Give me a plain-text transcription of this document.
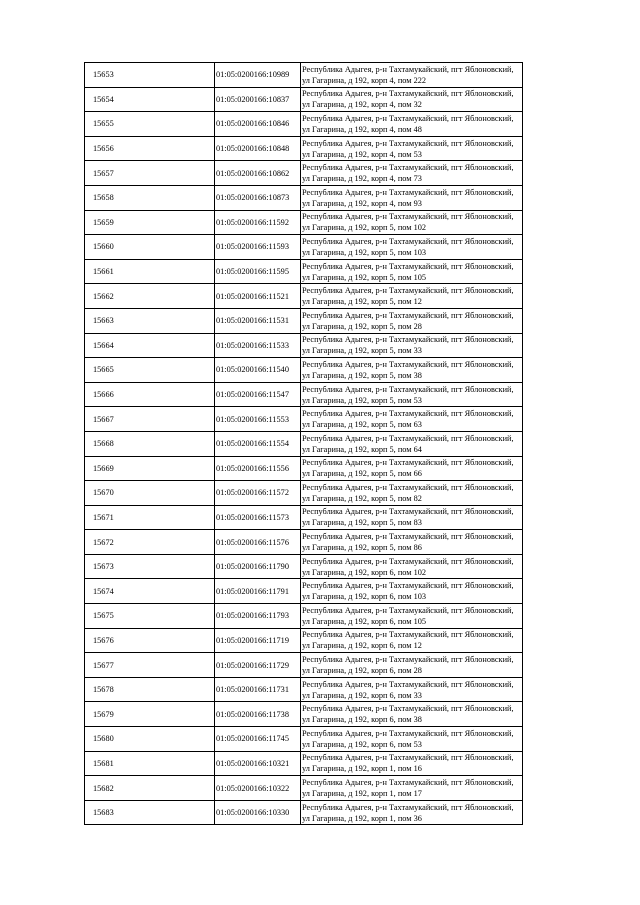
15653	01:05:0200166:10989	Республика Адыгея, р-н Тахтамукайский, пгт Яблоновский,
ул Гагарина, д 192, корп 4, пом 222

15654	01:05:0200166:10837	Республика Адыгея, р-н Тахтамукайский, пгт Яблоновский,
ул Гагарина, д 192, корп 4, пом 32

15655	01:05:0200166:10846	Республика Адыгея, р-н Тахтамукайский, пгт Яблоновский,
ул Гагарина, д 192, корп 4, пом 48

15656	01:05:0200166:10848	Республика Адыгея, р-н Тахтамукайский, пгт Яблоновский,
ул Гагарина, д 192, корп 4, пом 53

15657	01:05:0200166:10862	Республика Адыгея, р-н Тахтамукайский, пгт Яблоновский,
ул Гагарина, д 192, корп 4, пом 73

15658	01:05:0200166:10873	Республика Адыгея, р-н Тахтамукайский, пгт Яблоновский,
ул Гагарина, д 192, корп 4, пом 93

15659	01:05:0200166:11592	Республика Адыгея, р-н Тахтамукайский, пгт Яблоновский,
ул Гагарина, д 192, корп 5, пом 102

15660	01:05:0200166:11593	Республика Адыгея, р-н Тахтамукайский, пгт Яблоновский,
ул Гагарина, д 192, корп 5, пом 103

15661	01:05:0200166:11595	Республика Адыгея, р-н Тахтамукайский, пгт Яблоновский,
ул Гагарина, д 192, корп 5, пом 105

15662	01:05:0200166:11521	Республика Адыгея, р-н Тахтамукайский, пгт Яблоновский,
ул Гагарина, д 192, корп 5, пом 12

15663	01:05:0200166:11531	Республика Адыгея, р-н Тахтамукайский, пгт Яблоновский,
ул Гагарина, д 192, корп 5, пом 28

15664	01:05:0200166:11533	Республика Адыгея, р-н Тахтамукайский, пгт Яблоновский,
ул Гагарина, д 192, корп 5, пом 33

15665	01:05:0200166:11540	Республика Адыгея, р-н Тахтамукайский, пгт Яблоновский,
ул Гагарина, д 192, корп 5, пом 38

15666	01:05:0200166:11547	Республика Адыгея, р-н Тахтамукайский, пгт Яблоновский,
ул Гагарина, д 192, корп 5, пом 53

15667	01:05:0200166:11553	Республика Адыгея, р-н Тахтамукайский, пгт Яблоновский,
ул Гагарина, д 192, корп 5, пом 63

15668	01:05:0200166:11554	Республика Адыгея, р-н Тахтамукайский, пгт Яблоновский,
ул Гагарина, д 192, корп 5, пом 64

15669	01:05:0200166:11556	Республика Адыгея, р-н Тахтамукайский, пгт Яблоновский,
ул Гагарина, д 192, корп 5, пом 66

15670	01:05:0200166:11572	Республика Адыгея, р-н Тахтамукайский, пгт Яблоновский,
ул Гагарина, д 192, корп 5, пом 82

15671	01:05:0200166:11573	Республика Адыгея, р-н Тахтамукайский, пгт Яблоновский,
ул Гагарина, д 192, корп 5, пом 83

15672	01:05:0200166:11576	Республика Адыгея, р-н Тахтамукайский, пгт Яблоновский,
ул Гагарина, д 192, корп 5, пом 86

15673	01:05:0200166:11790	Республика Адыгея, р-н Тахтамукайский, пгт Яблоновский,
ул Гагарина, д 192, корп 6, пом 102

15674	01:05:0200166:11791	Республика Адыгея, р-н Тахтамукайский, пгт Яблоновский,
ул Гагарина, д 192, корп 6, пом 103

15675	01:05:0200166:11793	Республика Адыгея, р-н Тахтамукайский, пгт Яблоновский,
ул Гагарина, д 192, корп 6, пом 105

15676	01:05:0200166:11719	Республика Адыгея, р-н Тахтамукайский, пгт Яблоновский,
ул Гагарина, д 192, корп 6, пом 12

15677	01:05:0200166:11729	Республика Адыгея, р-н Тахтамукайский, пгт Яблоновский,
ул Гагарина, д 192, корп 6, пом 28

15678	01:05:0200166:11731	Республика Адыгея, р-н Тахтамукайский, пгт Яблоновский,
ул Гагарина, д 192, корп 6, пом 33

15679	01:05:0200166:11738	Республика Адыгея, р-н Тахтамукайский, пгт Яблоновский,
ул Гагарина, д 192, корп 6, пом 38

15680	01:05:0200166:11745	Республика Адыгея, р-н Тахтамукайский, пгт Яблоновский,
ул Гагарина, д 192, корп 6, пом 53

15681	01:05:0200166:10321	Республика Адыгея, р-н Тахтамукайский, пгт Яблоновский,
ул Гагарина, д 192, корп 1, пом 16

15682	01:05:0200166:10322	Республика Адыгея, р-н Тахтамукайский, пгт Яблоновский,
ул Гагарина, д 192, корп 1, пом 17

15683	01:05:0200166:10330	Республика Адыгея, р-н Тахтамукайский, пгт Яблоновский,
ул Гагарина, д 192, корп 1, пом 36
